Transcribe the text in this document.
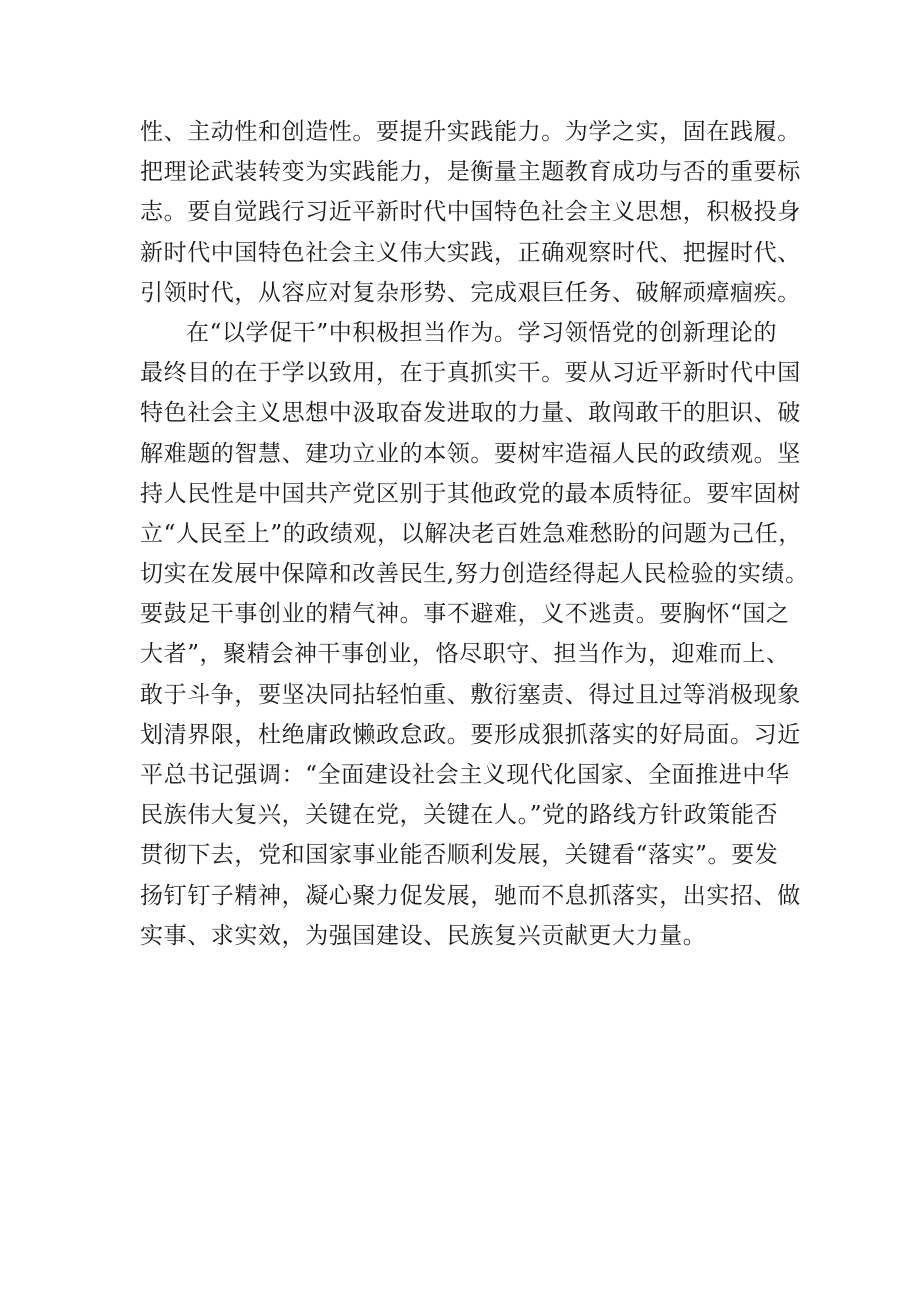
性、主动性和创造性。要提升实践能力。为学之实，固在践履。
把理论武装转变为实践能力，是衡量主题教育成功与否的重要标
志。要自觉践行习近平新时代中国特色社会主义思想，积极投身
新时代中国特色社会主义伟大实践，正确观察时代、把握时代、
引领时代，从容应对复杂形势、完成艰巨任务、破解顽瘴痼疾。
在“以学促干”中积极担当作为。学习领悟党的创新理论的
最终目的在于学以致用，在于真抓实干。要从习近平新时代中国
特色社会主义思想中汲取奋发进取的力量、敢闯敢干的胆识、破
解难题的智慧、建功立业的本领。要树牢造福人民的政绩观。坚
持人民性是中国共产党区别于其他政党的最本质特征。要牢固树
立“人民至上”的政绩观，以解决老百姓急难愁盼的问题为己任，
切实在发展中保障和改善民生,努力创造经得起人民检验的实绩。
要鼓足干事创业的精气神。事不避难，义不逃责。要胸怀“国之
大者”，聚精会神干事创业，恪尽职守、担当作为，迎难而上、
敢于斗争，要坚决同拈轻怕重、敷衍塞责、得过且过等消极现象
划清界限，杜绝庸政懒政怠政。要形成狠抓落实的好局面。习近
平总书记强调：“全面建设社会主义现代化国家、全面推进中华
民族伟大复兴，关键在党，关键在人。”党的路线方针政策能否
贯彻下去，党和国家事业能否顺利发展，关键看“落实”。要发
扬钉钉子精神，凝心聚力促发展，驰而不息抓落实，出实招、做
实事、求实效，为强国建设、民族复兴贡献更大力量。
